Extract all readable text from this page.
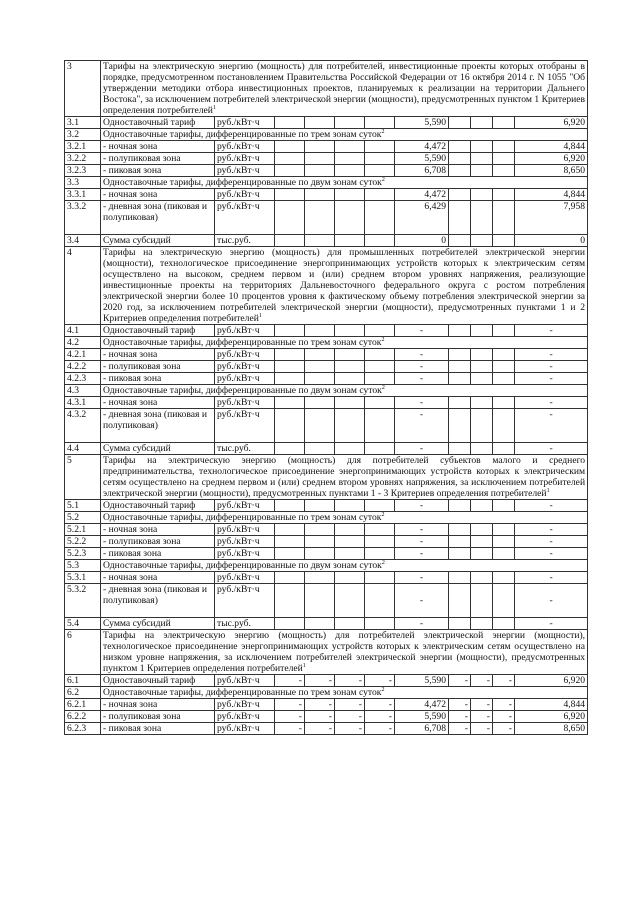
3	Тарифы на электрическую энергию (мощность) для потребителей, инвестиционные проекты которых отобраны в порядке, предусмотренном постановлением Правительства Российской Федерации от 16 октября 2014 г. N 1055 "Об утверждении методики отбора инвестиционных проектов, планируемых к реализации на территории Дальнего Востока", за исключением потребителей электрической энергии (мощности), предусмотренных пунктом 1 Критериев определения потребителей$^1$
3.1	Одноставочный тариф	руб./кВт·ч					5,590				6,920
3.2	Одноставочные тарифы, дифференцированные по трем зонам суток$^2$
3.2.1	- ночная зона	руб./кВт·ч					4,472				4,844
3.2.2	- полупиковая зона	руб./кВт·ч					5,590				6,920
3.2.3	- пиковая зона	руб./кВт·ч					6,708				8,650
3.3	Одноставочные тарифы, дифференцированные по двум зонам суток$^2$
3.3.1	- ночная зона	руб./кВт·ч					4,472				4,844
3.3.2	- дневная зона (пиковая и полупиковая)	руб./кВт·ч					6,429				7,958
3.4	Сумма субсидий	тыс.руб.					0				0
4	Тарифы на электрическую энергию (мощность) для промышленных потребителей электрической энергии (мощности), технологическое присоединение энергопринимающих устройств которых к электрическим сетям осуществлено на высоком, среднем первом и (или) среднем втором уровнях напряжения, реализующие инвестиционные проекты на территориях Дальневосточного федерального округа с ростом потребления электрической энергии более 10 процентов уровня к фактическому объему потребления электрической энергии за 2020 год, за исключением потребителей электрической энергии (мощности), предусмотренных пунктами 1 и 2 Критериев определения потребителей$^1$
4.1	Одноставочный тариф	руб./кВт·ч					-				-
4.2	Одноставочные тарифы, дифференцированные по трем зонам суток$^2$
4.2.1	- ночная зона	руб./кВт·ч					-				-
4.2.2	- полупиковая зона	руб./кВт·ч					-				-
4.2.3	- пиковая зона	руб./кВт·ч					-				-
4.3	Одноставочные тарифы, дифференцированные по двум зонам суток$^2$
4.3.1	- ночная зона	руб./кВт·ч					-				-
4.3.2	- дневная зона (пиковая и полупиковая)	руб./кВт·ч					-				-
4.4	Сумма субсидий	тыс.руб.					-				-
5	Тарифы на электрическую энергию (мощность) для потребителей субъектов малого и среднего предпринимательства, технологическое присоединение энергопринимающих устройств которых к электрическим сетям осуществлено на среднем первом и (или) среднем втором уровнях напряжения, за исключением потребителей электрической энергии (мощности), предусмотренных пунктами 1 - 3 Критериев определения потребителей$^1$
5.1	Одноставочный тариф	руб./кВт·ч					-				-
5.2	Одноставочные тарифы, дифференцированные по трем зонам суток$^2$
5.2.1	- ночная зона	руб./кВт·ч					-				-
5.2.2	- полупиковая зона	руб./кВт·ч					-				-
5.2.3	- пиковая зона	руб./кВт·ч					-				-
5.3	Одноставочные тарифы, дифференцированные по двум зонам суток$^2$
5.3.1	- ночная зона	руб./кВт·ч					-				-
5.3.2	- дневная зона (пиковая и полупиковая)	руб./кВт·ч					-				-
5.4	Сумма субсидий	тыс.руб.					-				-
6	Тарифы на электрическую энергию (мощность) для потребителей электрической энергии (мощности), технологическое присоединение энергопринимающих устройств которых к электрическим сетям осуществлено на низком уровне напряжения, за исключением потребителей электрической энергии (мощности), предусмотренных пунктом 1 Критериев определения потребителей$^1$
6.1	Одноставочный тариф	руб./кВт·ч	-	-	-	-	5,590	-	-	-	6,920
6.2	Одноставочные тарифы, дифференцированные по трем зонам суток$^2$
6.2.1	- ночная зона	руб./кВт·ч	-	-	-	-	4,472	-	-	-	4,844
6.2.2	- полупиковая зона	руб./кВт·ч	-	-	-	-	5,590	-	-	-	6,920
6.2.3	- пиковая зона	руб./кВт·ч	-	-	-	-	6,708	-	-	-	8,650
